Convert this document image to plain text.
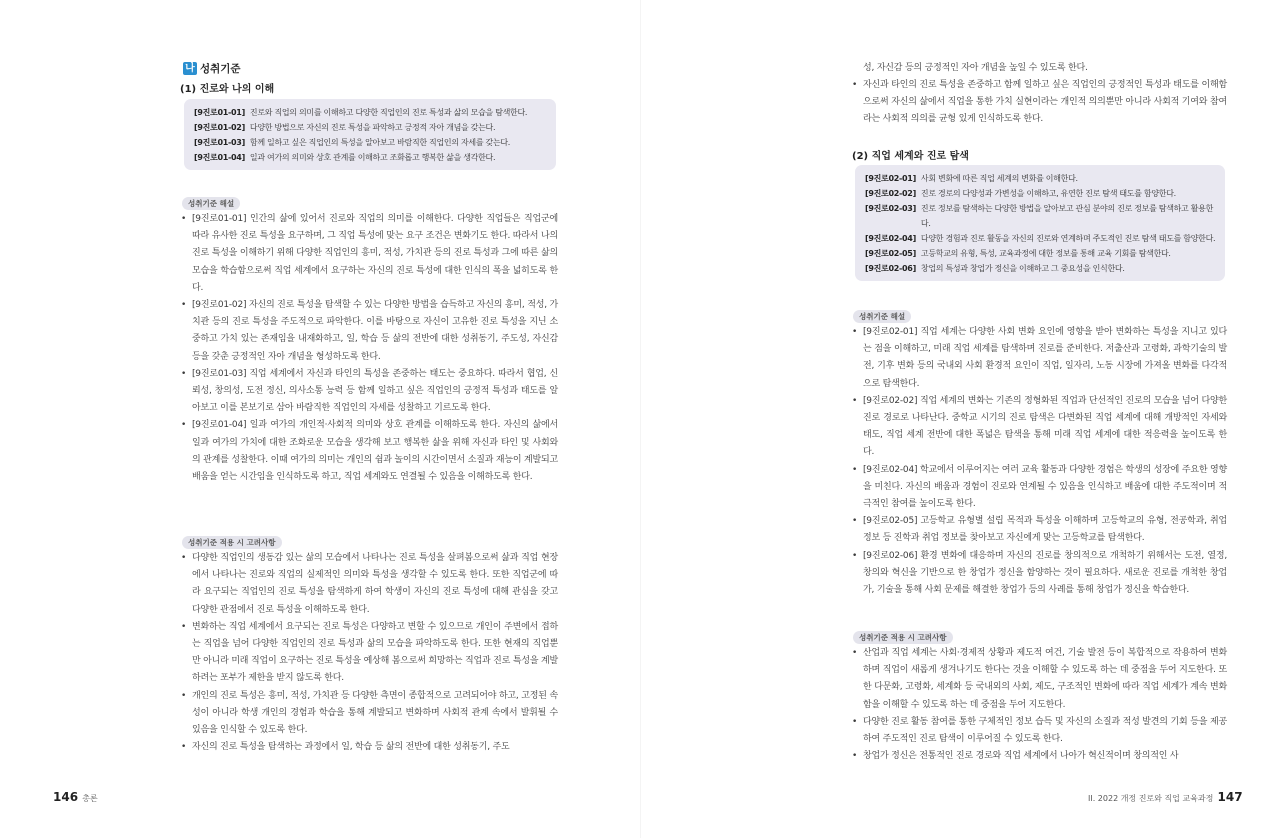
나 성취기준
(1) 진로와 나의 이해
[9진로01-01] 진로와 직업의 의미를 이해하고 다양한 직업인의 진로 특성과 삶의 모습을 탐색한다.
[9진로01-02] 다양한 방법으로 자신의 진로 특성을 파악하고 긍정적 자아 개념을 갖는다.
[9진로01-03] 함께 일하고 싶은 직업인의 특성을 알아보고 바람직한 직업인의 자세를 갖는다.
[9진로01-04] 일과 여가의 의미와 상호 관계를 이해하고 조화롭고 행복한 삶을 생각한다.
성취기준 해설
• [9진로01-01] 인간의 삶에 있어서 진로와 직업의 의미를 이해한다. 다양한 직업들은 직업군에 따라 유사한 진로 특성을 요구하며, 그 직업 특성에 맞는 요구 조건은 변화기도 한다. 따라서 나의 진로 특성을 이해하기 위해 다양한 직업인의 흥미, 적성, 가치관 등의 진로 특성과 그에 따른 삶의 모습을 학습함으로써 직업 세계에서 요구하는 자신의 진로 특성에 대한 인식의 폭을 넓히도록 한다.
• [9진로01-02] 자신의 진로 특성을 탐색할 수 있는 다양한 방법을 습득하고 자신의 흥미, 적성, 가치관 등의 진로 특성을 주도적으로 파악한다. 이를 바탕으로 자신이 고유한 진로 특성을 지닌 소중하고 가치 있는 존재임을 내재화하고, 일, 학습 등 삶의 전반에 대한 성취동기, 주도성, 자신감 등을 갖춘 긍정적인 자아 개념을 형성하도록 한다.
• [9진로01-03] 직업 세계에서 자신과 타인의 특성을 존중하는 태도는 중요하다. 따라서 협업, 신뢰성, 창의성, 도전 정신, 의사소통 능력 등 함께 일하고 싶은 직업인의 긍정적 특성과 태도를 알아보고 이를 본보기로 삼아 바람직한 직업인의 자세를 성찰하고 기르도록 한다.
• [9진로01-04] 일과 여가의 개인적·사회적 의미와 상호 관계를 이해하도록 한다. 자신의 삶에서 일과 여가의 가치에 대한 조화로운 모습을 생각해 보고 행복한 삶을 위해 자신과 타인 및 사회와의 관계를 성찰한다. 이때 여가의 의미는 개인의 쉼과 놀이의 시간이면서 소질과 재능이 계발되고 배움을 얻는 시간임을 인식하도록 하고, 직업 세계와도 연결될 수 있음을 이해하도록 한다.
성취기준 적용 시 고려사항
• 다양한 직업인의 생동감 있는 삶의 모습에서 나타나는 진로 특성을 살펴봄으로써 삶과 직업 현장에서 나타나는 진로와 직업의 실제적인 의미와 특성을 생각할 수 있도록 한다. 또한 직업군에 따라 요구되는 직업인의 진로 특성을 탐색하게 하여 학생이 자신의 진로 특성에 대해 관심을 갖고 다양한 관점에서 진로 특성을 이해하도록 한다.
• 변화하는 직업 세계에서 요구되는 진로 특성은 다양하고 변할 수 있으므로 개인이 주변에서 접하는 직업을 넘어 다양한 직업인의 진로 특성과 삶의 모습을 파악하도록 한다. 또한 현재의 직업뿐만 아니라 미래 직업이 요구하는 진로 특성을 예상해 봄으로써 희망하는 직업과 진로 특성을 계발하려는 포부가 제한을 받지 않도록 한다.
• 개인의 진로 특성은 흥미, 적성, 가치관 등 다양한 측면이 종합적으로 고려되어야 하고, 고정된 속성이 아니라 학생 개인의 경험과 학습을 통해 계발되고 변화하며 사회적 관계 속에서 발휘될 수 있음을 인식할 수 있도록 한다.
• 자신의 진로 특성을 탐색하는 과정에서 일, 학습 등 삶의 전반에 대한 성취동기, 주도
146 총론
성, 자신감 등의 긍정적인 자아 개념을 높일 수 있도록 한다.
• 자신과 타인의 진로 특성을 존중하고 함께 일하고 싶은 직업인의 긍정적인 특성과 태도를 이해함으로써 자신의 삶에서 직업을 통한 가치 실현이라는 개인적 의의뿐만 아니라 사회적 기여와 참여라는 사회적 의의를 균형 있게 인식하도록 한다.
(2) 직업 세계와 진로 탐색
[9진로02-01] 사회 변화에 따른 직업 세계의 변화를 이해한다.
[9진로02-02] 진로 경로의 다양성과 가변성을 이해하고, 유연한 진로 탐색 태도를 함양한다.
[9진로02-03] 진로 정보를 탐색하는 다양한 방법을 알아보고 관심 분야의 진로 정보를 탐색하고 활용한다.
[9진로02-04] 다양한 경험과 진로 활동을 자신의 진로와 연계하며 주도적인 진로 탐색 태도를 함양한다.
[9진로02-05] 고등학교의 유형, 특성, 교육과정에 대한 정보를 통해 교육 기회를 탐색한다.
[9진로02-06] 창업의 특성과 창업가 정신을 이해하고 그 중요성을 인식한다.
성취기준 해설
• [9진로02-01] 직업 세계는 다양한 사회 변화 요인에 영향을 받아 변화하는 특성을 지니고 있다는 점을 이해하고, 미래 직업 세계를 탐색하며 진로를 준비한다. 저출산과 고령화, 과학기술의 발전, 기후 변화 등의 국내외 사회 환경적 요인이 직업, 일자리, 노동 시장에 가져올 변화를 다각적으로 탐색한다.
• [9진로02-02] 직업 세계의 변화는 기존의 정형화된 직업과 단선적인 진로의 모습을 넘어 다양한 진로 경로로 나타난다. 중학교 시기의 진로 탐색은 다변화된 직업 세계에 대해 개방적인 자세와 태도, 직업 세계 전반에 대한 폭넓은 탐색을 통해 미래 직업 세계에 대한 적응력을 높이도록 한다.
• [9진로02-04] 학교에서 이루어지는 여러 교육 활동과 다양한 경험은 학생의 성장에 주요한 영향을 미친다. 자신의 배움과 경험이 진로와 연계될 수 있음을 인식하고 배움에 대한 주도적이며 적극적인 참여를 높이도록 한다.
• [9진로02-05] 고등학교 유형별 설립 목적과 특성을 이해하며 고등학교의 유형, 전공학과, 취업 정보 등 진학과 취업 정보를 찾아보고 자신에게 맞는 고등학교를 탐색한다.
• [9진로02-06] 환경 변화에 대응하며 자신의 진로를 창의적으로 개척하기 위해서는 도전, 열정, 창의와 혁신을 기반으로 한 창업가 정신을 함양하는 것이 필요하다. 새로운 진로를 개척한 창업가, 기술을 통해 사회 문제를 해결한 창업가 등의 사례를 통해 창업가 정신을 학습한다.
성취기준 적용 시 고려사항
• 산업과 직업 세계는 사회·경제적 상황과 제도적 여건, 기술 발전 등이 복합적으로 작용하여 변화하며 직업이 새롭게 생겨나기도 한다는 것을 이해할 수 있도록 하는 데 중점을 두어 지도한다. 또한 다문화, 고령화, 세계화 등 국내외의 사회, 제도, 구조적인 변화에 따라 직업 세계가 계속 변화함을 이해할 수 있도록 하는 데 중점을 두어 지도한다.
• 다양한 진로 활동 참여를 통한 구체적인 정보 습득 및 자신의 소질과 적성 발견의 기회 등을 제공하여 주도적인 진로 탐색이 이루어질 수 있도록 한다.
• 창업가 정신은 전통적인 진로 경로와 직업 세계에서 나아가 혁신적이며 창의적인 사
II. 2022 개정 진로와 직업 교육과정 147
